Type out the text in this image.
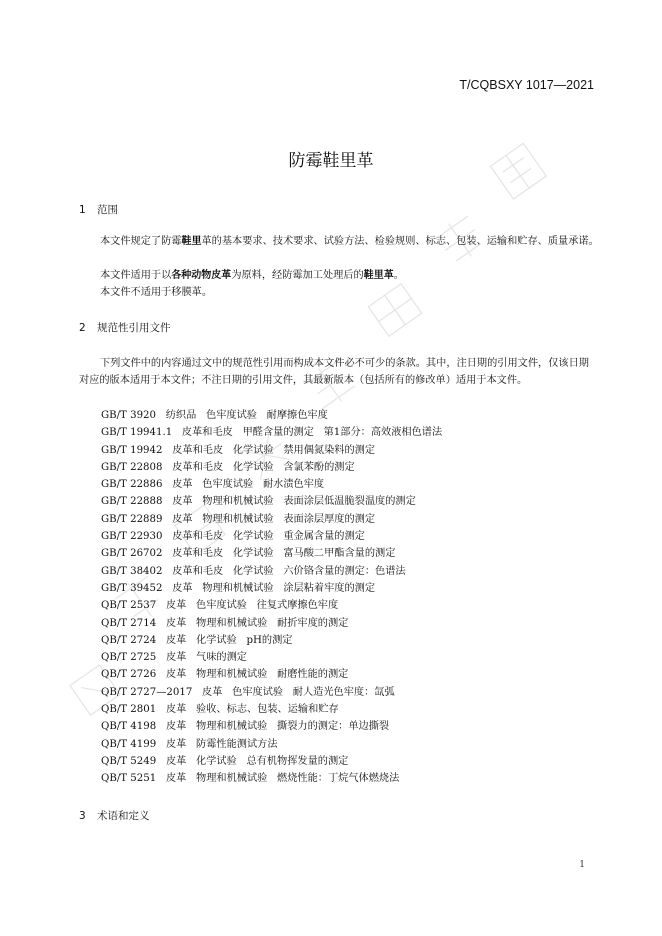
T/CQBSXY 1017—2021
防霉鞋里革
1 范围

本文件规定了防霉鞋里革的基本要求、技术要求、试验方法、检验规则、标志、包装、运输和贮存、质量承诺。

本文件适用于以各种动物皮革为原料，经防霉加工处理后的鞋里革。

本文件不适用于移膜革。

2 规范性引用文件

下列文件中的内容通过文中的规范性引用而构成本文件必不可少的条款。其中，注日期的引用文件，仅该日期对应的版本适用于本文件；不注日期的引用文件，其最新版本（包括所有的修改单）适用于本文件。

GB/T 3920   纺织品   色牢度试验   耐摩擦色牢度
GB/T 19941.1   皮革和毛皮   甲醛含量的测定   第1部分：高效液相色谱法
GB/T 19942   皮革和毛皮   化学试验   禁用偶氮染料的测定
GB/T 22808   皮革和毛皮   化学试验   含氯苯酚的测定
GB/T 22886   皮革   色牢度试验   耐水渍色牢度
GB/T 22888   皮革   物理和机械试验   表面涂层低温脆裂温度的测定
GB/T 22889   皮革   物理和机械试验   表面涂层厚度的测定
GB/T 22930   皮革和毛皮   化学试验   重金属含量的测定
GB/T 26702   皮革和毛皮   化学试验   富马酸二甲酯含量的测定
GB/T 38402   皮革和毛皮   化学试验   六价铬含量的测定：色谱法
GB/T 39452   皮革   物理和机械试验   涂层粘着牢度的测定
QB/T 2537   皮革   色牢度试验   往复式摩擦色牢度
QB/T 2714   皮革   物理和机械试验   耐折牢度的测定
QB/T 2724   皮革   化学试验   pH的测定
QB/T 2725   皮革   气味的测定
QB/T 2726   皮革   物理和机械试验   耐磨性能的测定
QB/T 2727—2017   皮革   色牢度试验   耐人造光色牢度：氙弧
QB/T 2801   皮革   验收、标志、包装、运输和贮存
QB/T 4198   皮革   物理和机械试验   撕裂力的测定：单边撕裂
QB/T 4199   皮革   防霉性能测试方法
QB/T 5249   皮革   化学试验   总有机物挥发量的测定
QB/T 5251   皮革   物理和机械试验   燃烧性能：丁烷气体燃烧法
3 术语和定义
1
